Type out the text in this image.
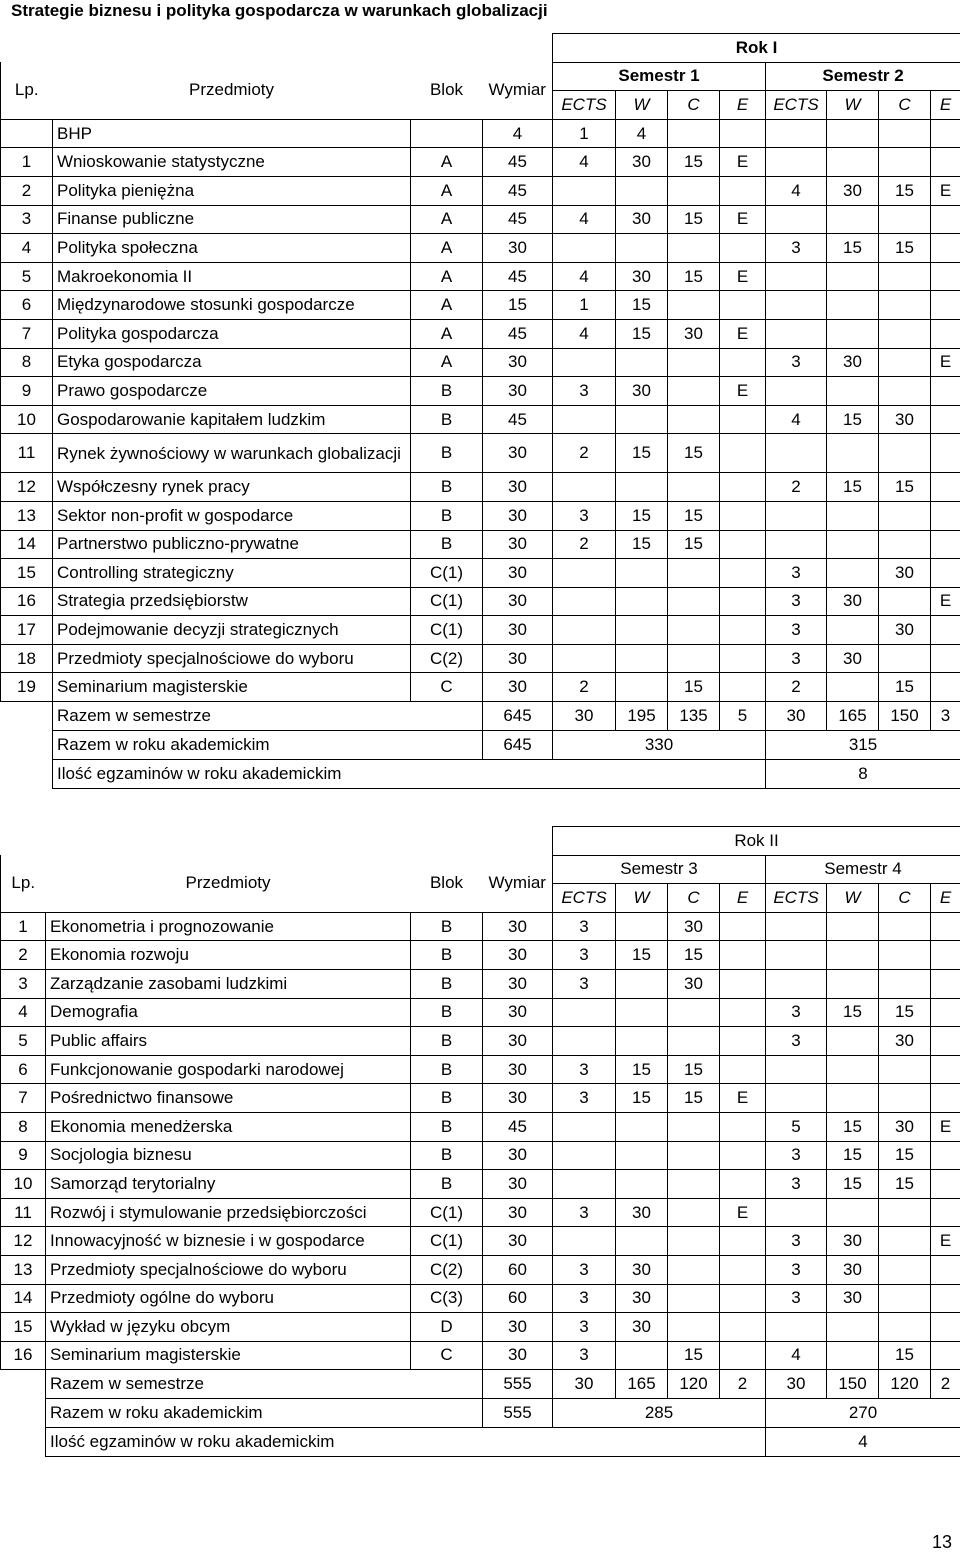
Strategie biznesu i polityka gospodarcza w warunkach globalizacji
				Rok I							
Lp.	Przedmioty	Blok	Wymiar	Semestr 1				Semestr 2			
				ECTS	W	C	E	ECTS	W	C	E
	BHP		4	1	4						
1	Wnioskowanie statystyczne	A	45	4	30	15	E				
2	Polityka pieniężna	A	45					4	30	15	E
3	Finanse publiczne	A	45	4	30	15	E				
4	Polityka społeczna	A	30					3	15	15	
5	Makroekonomia II	A	45	4	30	15	E				
6	Międzynarodowe stosunki gospodarcze	A	15	1	15						
7	Polityka gospodarcza	A	45	4	15	30	E				
8	Etyka gospodarcza	A	30					3	30		E
9	Prawo gospodarcze	B	30	3	30		E				
10	Gospodarowanie kapitałem ludzkim	B	45					4	15	30	
11	Rynek żywnościowy w warunkach globalizacji	B	30	2	15	15					
12	Współczesny rynek pracy	B	30					2	15	15	
13	Sektor non-profit w gospodarce	B	30	3	15	15					
14	Partnerstwo publiczno-prywatne	B	30	2	15	15					
15	Controlling strategiczny	C(1)	30					3		30	
16	Strategia przedsiębiorstw	C(1)	30					3	30		E
17	Podejmowanie decyzji strategicznych	C(1)	30					3		30	
18	Przedmioty specjalnościowe do wyboru	C(2)	30					3	30		
19	Seminarium magisterskie	C	30	2		15		2		15	
	Razem w semestrze		645	30	195	135	5	30	165	150	3
	Razem w roku akademickim		645	330				315			
	Ilość egzaminów w roku akademickim							8			
				Rok II							
Lp.	Przedmioty	Blok	Wymiar	Semestr 3				Semestr 4			
				ECTS	W	C	E	ECTS	W	C	E
1	Ekonometria i prognozowanie	B	30	3		30					
2	Ekonomia rozwoju	B	30	3	15	15					
3	Zarządzanie zasobami ludzkimi	B	30	3		30					
4	Demografia	B	30					3	15	15	
5	Public affairs	B	30					3		30	
6	Funkcjonowanie gospodarki narodowej	B	30	3	15	15					
7	Pośrednictwo finansowe	B	30	3	15	15	E				
8	Ekonomia menedżerska	B	45					5	15	30	E
9	Socjologia biznesu	B	30					3	15	15	
10	Samorząd terytorialny	B	30					3	15	15	
11	Rozwój i stymulowanie przedsiębiorczości	C(1)	30	3	30		E				
12	Innowacyjność w biznesie i w gospodarce	C(1)	30					3	30		E
13	Przedmioty specjalnościowe do wyboru	C(2)	60	3	30			3	30		
14	Przedmioty ogólne do wyboru	C(3)	60	3	30			3	30		
15	Wykład w języku obcym	D	30	3	30						
16	Seminarium magisterskie	C	30	3		15		4		15	
	Razem w semestrze		555	30	165	120	2	30	150	120	2
	Razem w roku akademickim		555	285				270			
	Ilość egzaminów w roku akademickim							4			
13
